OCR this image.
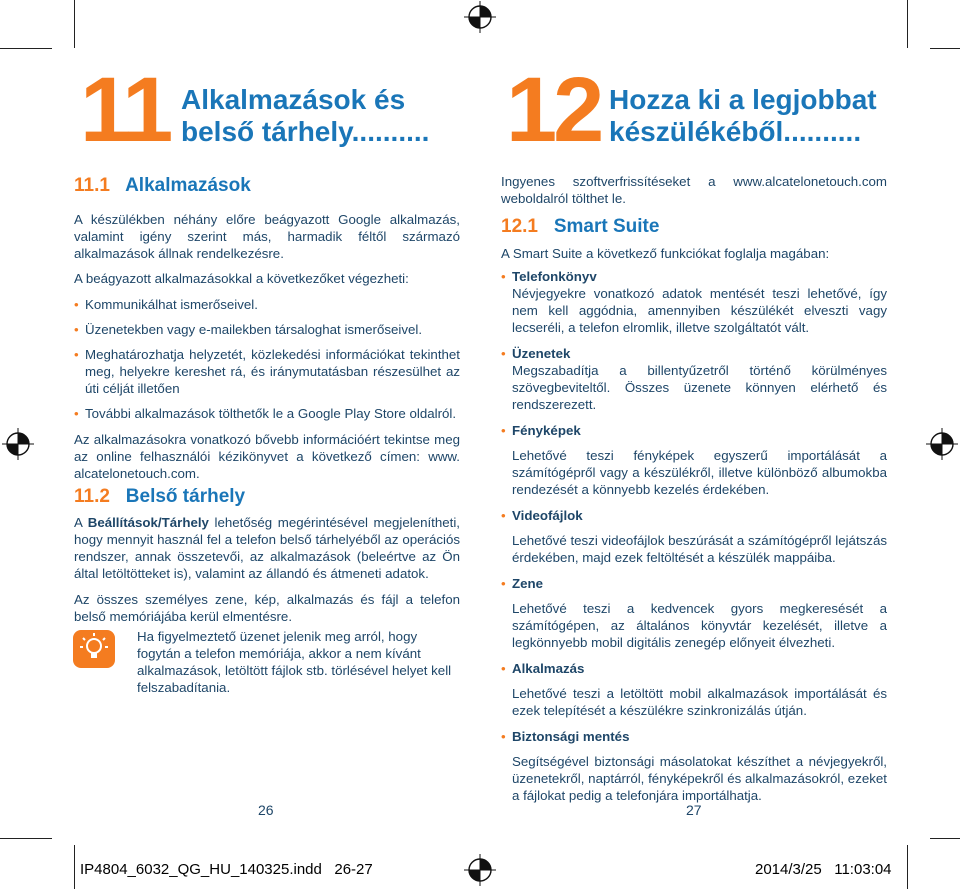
11 Alkalmazások és
belső tárhely..........
11.1 Alkalmazások

A készülékben néhány előre beágyazott Google alkalmazás, valamint igény szerint más, harmadik féltől származó alkalmazások állnak rendelkezésre.

A beágyazott alkalmazásokkal a következőket végezheti:

• Kommunikálhat ismerőseivel.
• Üzenetekben vagy e-mailekben társaloghat ismerőseivel.
• Meghatározhatja helyzetét, közlekedési információkat tekinthet meg, helyekre kereshet rá, és iránymutatásban részesülhet az úti célját illetően
• További alkalmazások tölthetők le a Google Play Store oldalról.

Az alkalmazásokra vonatkozó bővebb információért tekintse meg az online felhasználói kézikönyvet a következő címen: www. alcatelonetouch.com.

11.2 Belső tárhely

A Beállítások/Tárhely lehetőség megérintésével megjelenítheti, hogy mennyit használ fel a telefon belső tárhelyéből az operációs rendszer, annak összetevői, az alkalmazások (beleértve az Ön által letöltötteket is), valamint az állandó és átmeneti adatok.

Az összes személyes zene, kép, alkalmazás és fájl a telefon belső memóriájába kerül elmentésre.

Ha figyelmeztető üzenet jelenik meg arról, hogy fogytán a telefon memóriája, akkor a nem kívánt alkalmazások, letöltött fájlok stb. törlésével helyet kell felszabadítania.
26
12 Hozza ki a legjobbat
készülékéből..........
Ingyenes szoftverfrissítéseket a www.alcatelonetouch.com weboldalról tölthet le.
12.1 Smart Suite
A Smart Suite a következő funkciókat foglalja magában:
• Telefonkönyv
Névjegyekre vonatkozó adatok mentését teszi lehetővé, így nem kell aggódnia, amennyiben készülékét elveszti vagy lecseréli, a telefon elromlik, illetve szolgáltatót vált.
• Üzenetek
Megszabadítja a billentyűzetről történő körülményes szövegbeviteltől. Összes üzenete könnyen elérhető és rendszerezett.
• Fényképek
Lehetővé teszi fényképek egyszerű importálását a számítógépről vagy a készülékről, illetve különböző albumokba rendezését a könnyebb kezelés érdekében.
• Videofájlok
Lehetővé teszi videofájlok beszúrását a számítógépről lejátszás érdekében, majd ezek feltöltését a készülék mappáiba.
• Zene
Lehetővé teszi a kedvencek gyors megkeresését a számítógépen, az általános könyvtár kezelését, illetve a legkönnyebb mobil digitális zenegép előnyeit élvezheti.
• Alkalmazás
Lehetővé teszi a letöltött mobil alkalmazások importálását és ezek telepítését a készülékre szinkronizálás útján.
• Biztonsági mentés
Segítségével biztonsági másolatokat készíthet a névjegyekről, üzenetekről, naptárról, fényképekről és alkalmazásokról, ezeket a fájlokat pedig a telefonjára importálhatja.
27
IP4804_6032_QG_HU_140325.indd   26-27	2014/3/25   11:03:04
